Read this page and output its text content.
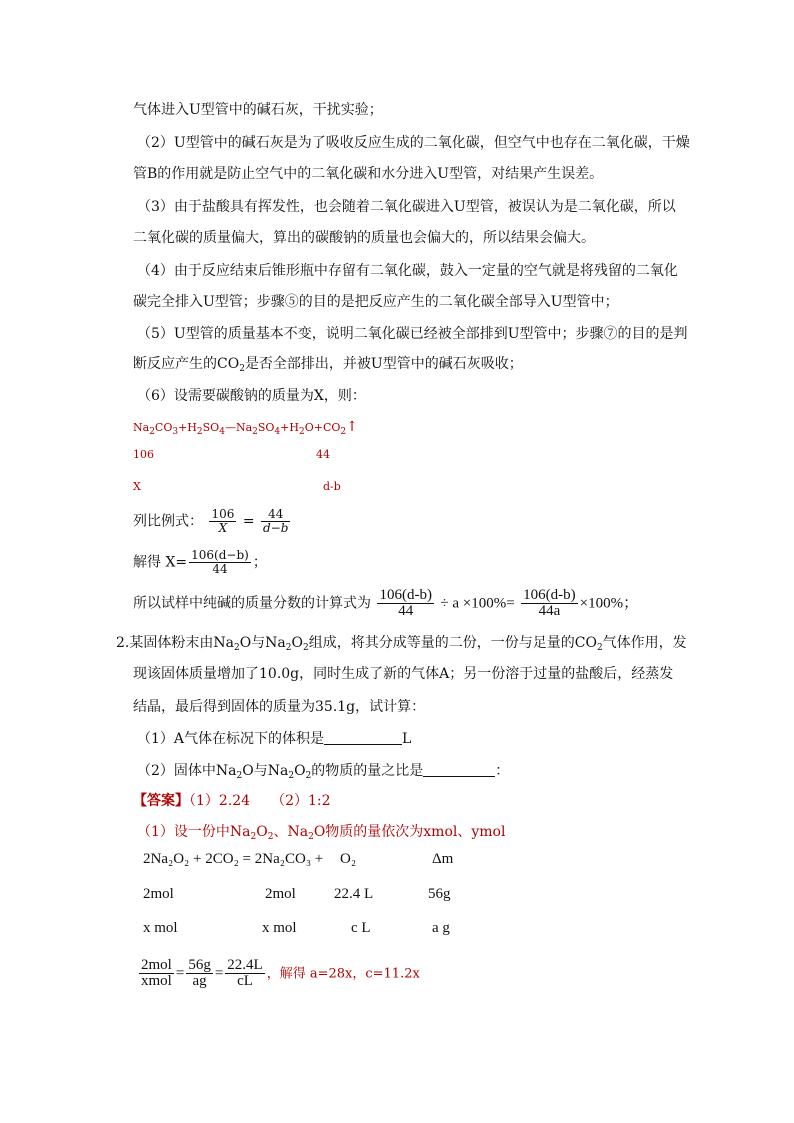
气体进入U型管中的碱石灰，干扰实验；
（2）U型管中的碱石灰是为了吸收反应生成的二氧化碳，但空气中也存在二氧化碳，干燥
管B的作用就是防止空气中的二氧化碳和水分进入U型管，对结果产生误差。
（3）由于盐酸具有挥发性，也会随着二氧化碳进入U型管，被误认为是二氧化碳，所以
二氧化碳的质量偏大，算出的碳酸钠的质量也会偏大的，所以结果会偏大。
（4）由于反应结束后锥形瓶中存留有二氧化碳，鼓入一定量的空气就是将残留的二氧化
碳完全排入U型管；步骤⑤的目的是把反应产生的二氧化碳全部导入U型管中；
（5）U型管的质量基本不变，说明二氧化碳已经被全部排到U型管中；步骤⑦的目的是判
断反应产生的$CO_2$是否全部排出，并被U型管中的碱石灰吸收；
（6）设需要碳酸钠的质量为X，则：
$Na_2CO_3+H_2SO_4—Na_2SO_4+H_2O+CO_2↑$
106	44
X	d-b
列比例式： $\frac{106}{X} = \frac{44}{d-b}$
解得 $X= \frac{106(d-b)}{44}$ ；
所以试样中纯碱的质量分数的计算式为 $\frac{106(d-b)}{44} \div a \times 100\%= \frac{106(d-b)}{44a} \times 100\%$；
2.某固体粉末由$Na_2O$与$Na_2O_2$组成，将其分成等量的二份，一份与足量的$CO_2$气体作用，发
现该固体质量增加了10.0g，同时生成了新的气体A；另一份溶于过量的盐酸后，经蒸发
结晶，最后得到固体的质量为35.1g，试计算：
（1）A气体在标况下的体积是	L
（2）固体中$Na_2O$与$Na_2O_2$的物质的量之比是	：
【答案】（1）2.24　　（2）1:2
（1）设一份中$Na_2O_2$、$Na_2O$物质的量依次为xmol、ymol
2Na₂O₂ + 2CO₂ = 2Na₂CO₃ + O₂	Δm
2mol	2mol	22.4 L	56g
x mol	x mol	c L	a g
$\frac{\text{2mol}}{\text{xmol}} = \frac{56g}{ag} = \frac{22.4L}{cL}$ ，解得 a=28x，c=11.2x
